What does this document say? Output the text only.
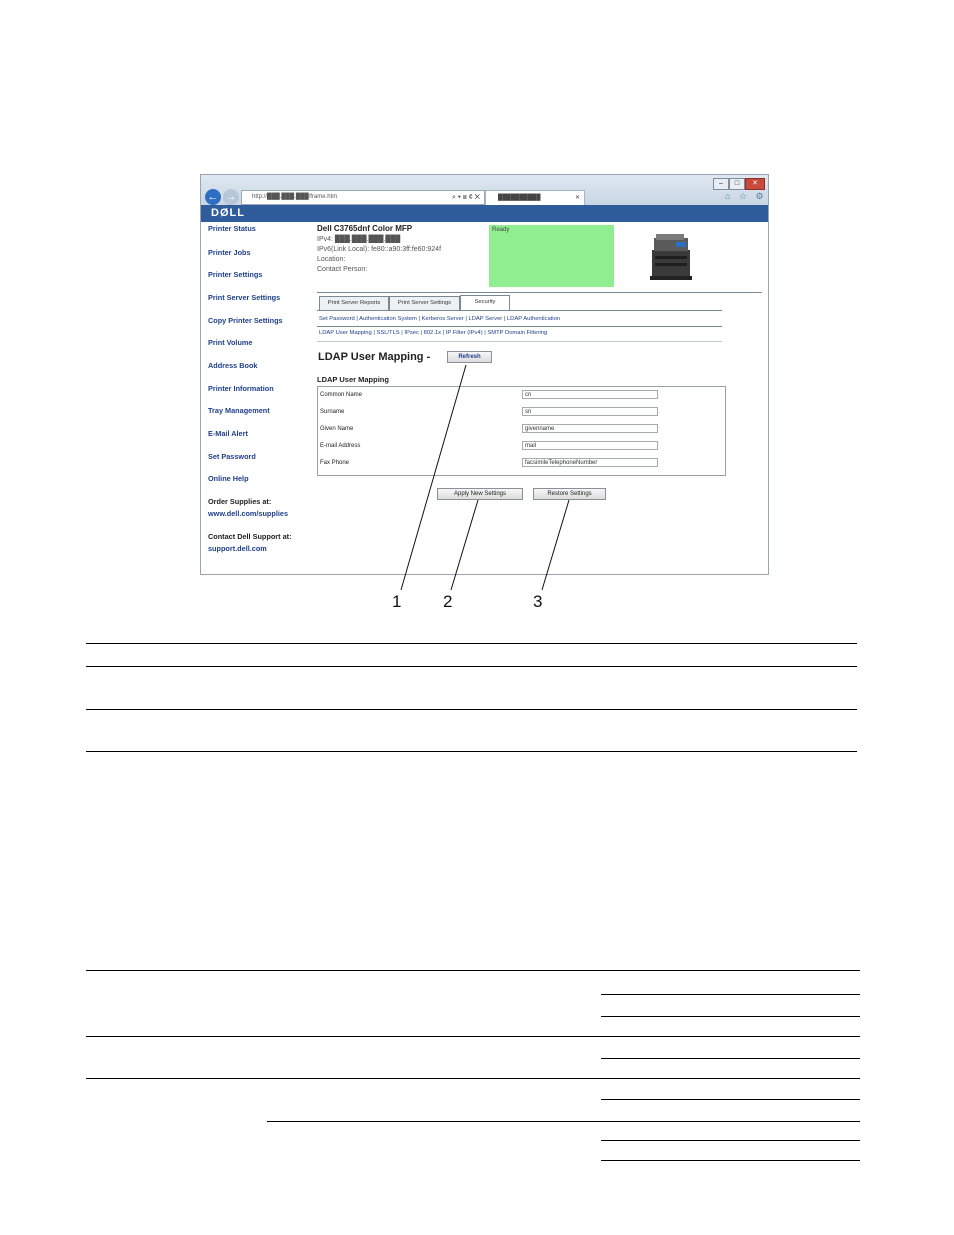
← →	http://███.███.███/frame.htm	⌕ ▾ ≣ ¢ ✕	██████████	✕
–	□	✕
⌂ ☆ ⚙
DØLL
Printer Status
Printer Jobs
Printer Settings
Print Server Settings
Copy Printer Settings
Print Volume
Address Book
Printer Information
Tray Management
E-Mail Alert
Set Password
Online Help
Order Supplies at:
www.dell.com/supplies
Contact Dell Support at:
support.dell.com
Dell C3765dnf Color MFP
IPv4: ███.███.███.███
IPv6(Link Local): fe80::a90:3ff:fe60:924f
Location:
Contact Person:
Ready
Print Server Reports	Print Server Settings	Security
Set Password | Authentication System | Kerberos Server | LDAP Server | LDAP Authentication
LDAP User Mapping | SSL/TLS | IPsec | 802.1x | IP Filter (IPv4) | SMTP Domain Filtering
LDAP User Mapping -	Refresh
LDAP User Mapping
Common Name	cn
Surname	sn
Given Name	givenname
E-mail Address	mail
Fax Phone	facsimileTelephoneNumber
Apply New Settings	Restore Settings
1 2	3
